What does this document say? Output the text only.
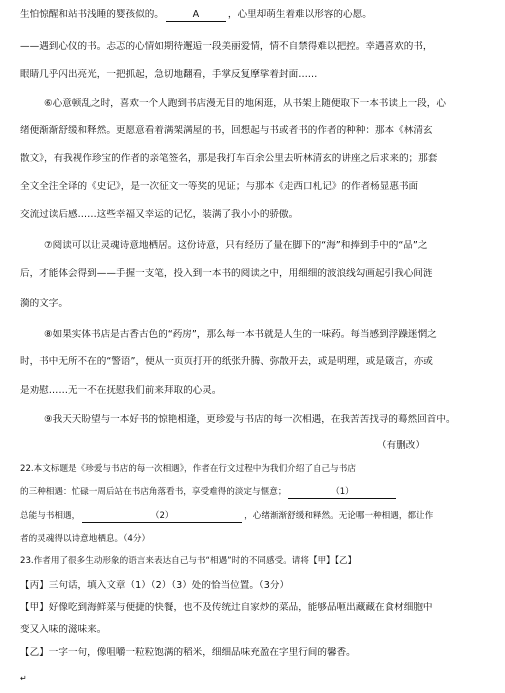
生怕惊醒和站书浅睡的婴孩似的。	A	，心里却萌生着难以形容的心愿。
——遇到心仪的书。忐忑的心情如期待邂逅一段美丽爱情，情不自禁得难以把控。幸遇喜欢的书，
眼睛几乎闪出亮光，一把抓起，急切地翻看，手掌反复摩挲着封面……
⑥心意顿乱之时，喜欢一个人跑到书店漫无目的地闲逛，从书架上随便取下一本书读上一段，心
绪便渐渐舒缓和释然。更愿意看着满架满屋的书，回想起与书或者书的作者的种种：那本《林清玄
散文》，有我视作珍宝的作者的亲笔签名，那是我打车百余公里去听林清玄的讲座之后求来的；那套
全文全注全译的《史记》，是一次征文一等奖的见证；与那本《走西口札记》的作者杨显惠书面
交流过读后感……这些幸福又幸运的记忆，装满了我小小的骄傲。
⑦阅读可以让灵魂诗意地栖居。这份诗意，只有经历了量在脚下的“海”和捧到手中的“品”之
后，才能体会得到——手握一支笔，投入到一本书的阅读之中，用细细的波浪线勾画起引我心间涟
漪的文字。
⑧如果实体书店是古香古色的“药房”，那么每一本书就是人生的一味药。每当感到浮躁迷惘之
时，书中无所不在的“警语”，便从一页页打开的纸张升腾、弥散开去，或是明理，或是箴言，亦或
是劝慰……无一不在抚慰我们前来拜取的心灵。
⑨我天天盼望与一本好书的惊艳相逢，更珍爱与书店的每一次相遇，在我苦苦找寻的蓦然回首中。
（有删改）
22.本文标题是《珍爱与书店的每一次相遇》，作者在行文过程中为我们介绍了自己与书店
的三种相遇：忙碌一周后站在书店角落看书，享受难得的淡定与惬意；	（1）
总能与书相遇，	（2）	，心绪渐渐舒缓和释然。无论哪一种相遇，都让作
者的灵魂得以诗意地栖息。（4分）
23.作者用了很多生动形象的语言来表达自己与书“相遇”时的不同感受。请将【甲】【乙】
【丙】三句话，填入文章（1）（2）（3）处的恰当位置。（3分）
【甲】好像吃到海鲜菜与便捷的快餐，也不及传统辻自家炒的菜品，能够品咂出藏藏在食材细胞中
变又入味的滋味来。
【乙】一字一句，像咀嚼一粒粒饱满的稻米，细细品味充盈在字里行间的馨香。
↵
